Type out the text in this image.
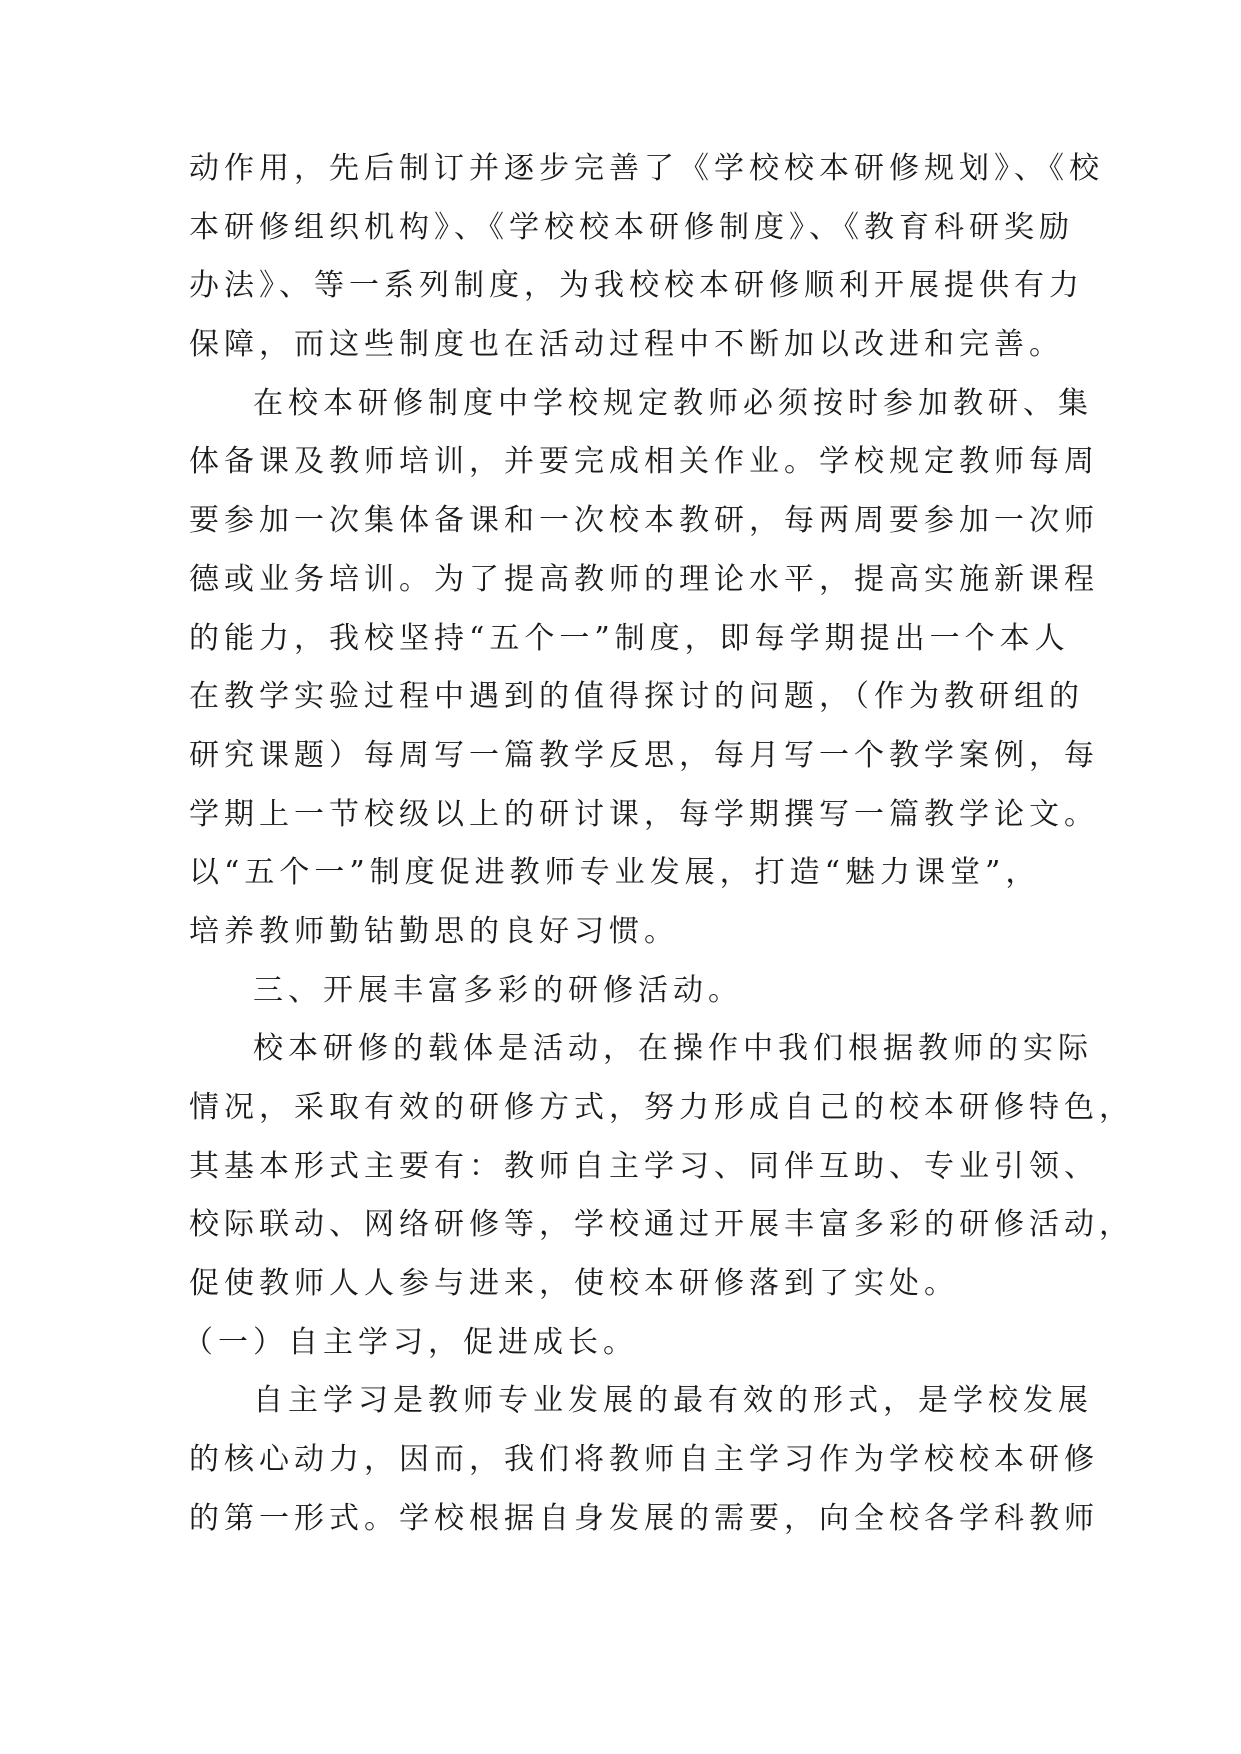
动作用，先后制订并逐步完善了《学校校本研修规划》、《校
本研修组织机构》、《学校校本研修制度》、《教育科研奖励
办法》、等一系列制度，为我校校本研修顺利开展提供有力
保障，而这些制度也在活动过程中不断加以改进和完善。
在校本研修制度中学校规定教师必须按时参加教研、集
体备课及教师培训，并要完成相关作业。学校规定教师每周
要参加一次集体备课和一次校本教研，每两周要参加一次师
德或业务培训。为了提高教师的理论水平，提高实施新课程
的能力，我校坚持“五个一”制度，即每学期提出一个本人
在教学实验过程中遇到的值得探讨的问题，（作为教研组的
研究课题）每周写一篇教学反思，每月写一个教学案例，每
学期上一节校级以上的研讨课，每学期撰写一篇教学论文。
以“五个一”制度促进教师专业发展，打造“魅力课堂”，
培养教师勤钻勤思的良好习惯。
三、开展丰富多彩的研修活动。
校本研修的载体是活动，在操作中我们根据教师的实际
情况，采取有效的研修方式，努力形成自己的校本研修特色，
其基本形式主要有：教师自主学习、同伴互助、专业引领、
校际联动、网络研修等，学校通过开展丰富多彩的研修活动，
促使教师人人参与进来，使校本研修落到了实处。
（一）自主学习，促进成长。
自主学习是教师专业发展的最有效的形式，是学校发展
的核心动力，因而，我们将教师自主学习作为学校校本研修
的第一形式。学校根据自身发展的需要，向全校各学科教师
